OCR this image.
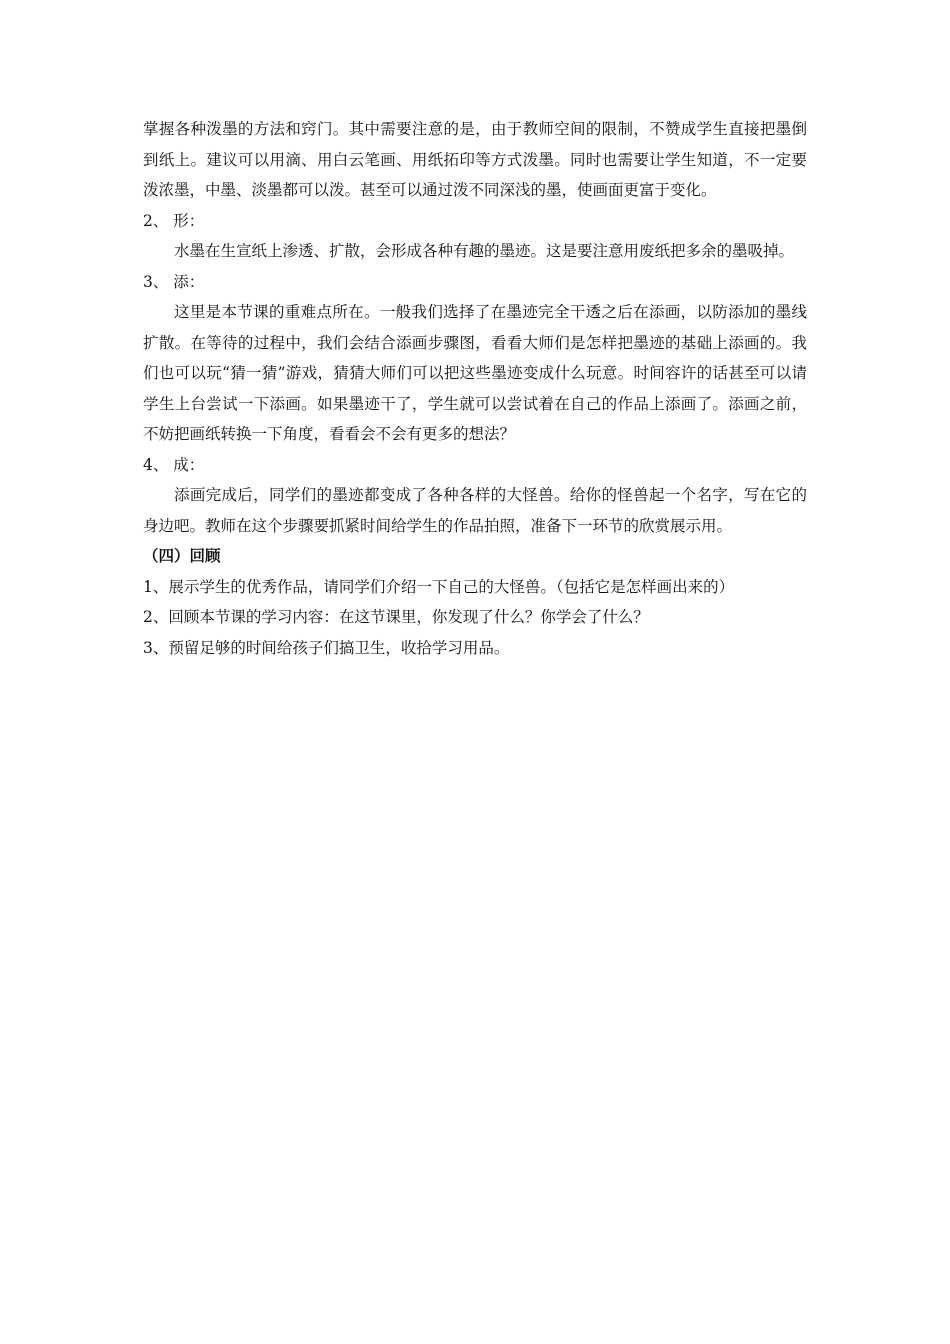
掌握各种泼墨的方法和窍门。其中需要注意的是，由于教师空间的限制，不赞成学生直接把墨倒到纸上。建议可以用滴、用白云笔画、用纸拓印等方式泼墨。同时也需要让学生知道，不一定要泼浓墨，中墨、淡墨都可以泼。甚至可以通过泼不同深浅的墨，使画面更富于变化。

2、 形：

水墨在生宣纸上渗透、扩散，会形成各种有趣的墨迹。这是要注意用废纸把多余的墨吸掉。

3、 添：

这里是本节课的重难点所在。一般我们选择了在墨迹完全干透之后在添画，以防添加的墨线扩散。在等待的过程中，我们会结合添画步骤图，看看大师们是怎样把墨迹的基础上添画的。我们也可以玩“猜一猜”游戏，猜猜大师们可以把这些墨迹变成什么玩意。时间容许的话甚至可以请学生上台尝试一下添画。如果墨迹干了，学生就可以尝试着在自己的作品上添画了。添画之前，不妨把画纸转换一下角度，看看会不会有更多的想法？

4、 成：

添画完成后，同学们的墨迹都变成了各种各样的大怪兽。给你的怪兽起一个名字，写在它的身边吧。教师在这个步骤要抓紧时间给学生的作品拍照，准备下一环节的欣赏展示用。

（四）回顾

1、展示学生的优秀作品，请同学们介绍一下自己的大怪兽。（包括它是怎样画出来的）

2、回顾本节课的学习内容：在这节课里，你发现了什么？你学会了什么？

3、预留足够的时间给孩子们搞卫生，收拾学习用品。
